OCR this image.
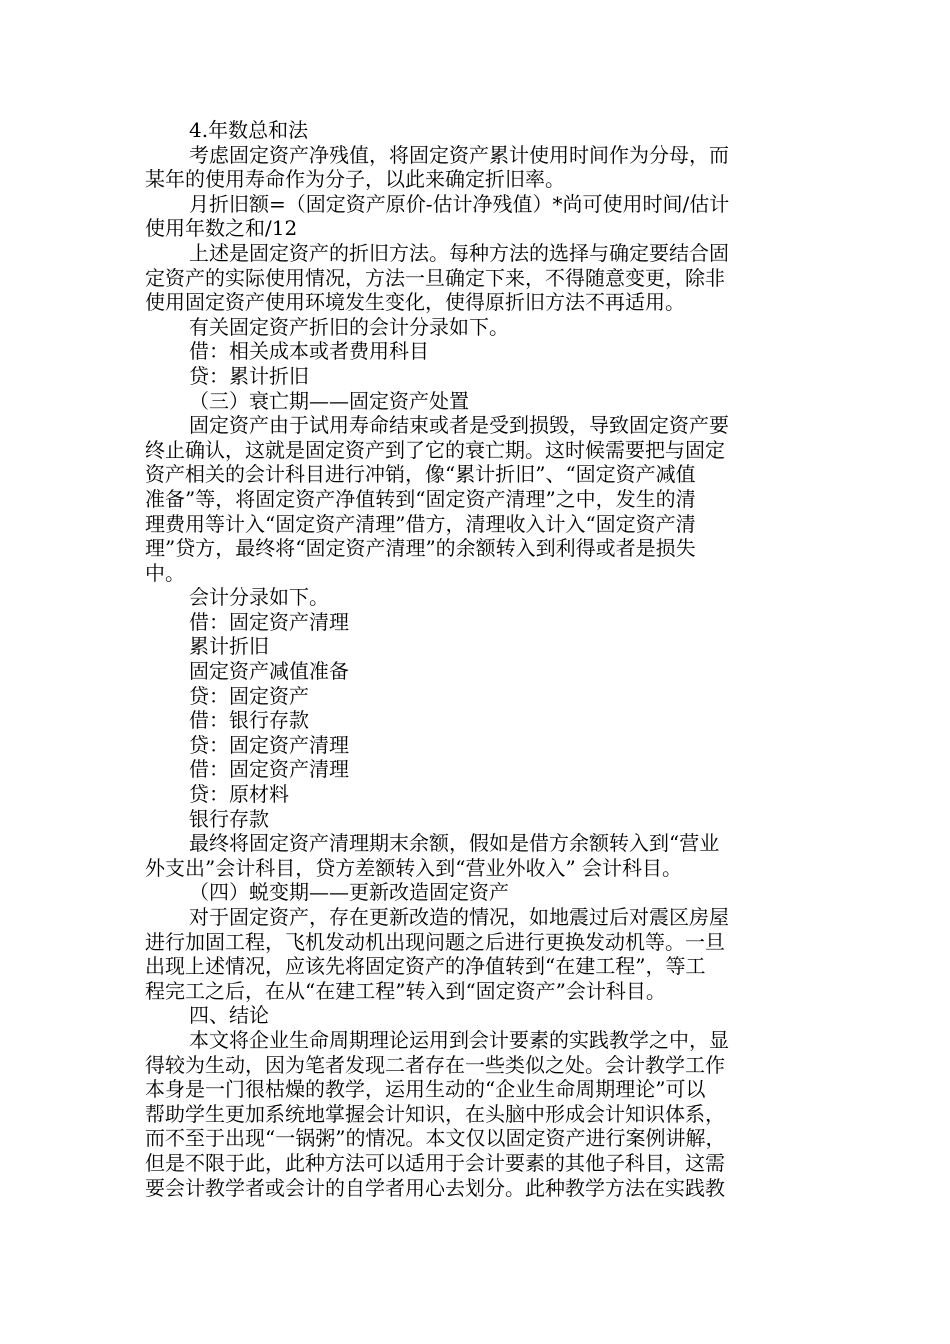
4.年数总和法
考虑固定资产净残值，将固定资产累计使用时间作为分母，而
某年的使用寿命作为分子，以此来确定折旧率。
月折旧额=（固定资产原价-估计净残值）*尚可使用时间/估计
使用年数之和/12
上述是固定资产的折旧方法。每种方法的选择与确定要结合固
定资产的实际使用情况，方法一旦确定下来，不得随意变更，除非
使用固定资产使用环境发生变化，使得原折旧方法不再适用。
有关固定资产折旧的会计分录如下。
借：相关成本或者费用科目
贷：累计折旧
（三）衰亡期——固定资产处置
固定资产由于试用寿命结束或者是受到损毁，导致固定资产要
终止确认，这就是固定资产到了它的衰亡期。这时候需要把与固定
资产相关的会计科目进行冲销，像“累计折旧”、“固定资产减值
准备”等，将固定资产净值转到“固定资产清理”之中，发生的清
理费用等计入“固定资产清理”借方，清理收入计入“固定资产清
理”贷方，最终将“固定资产清理”的余额转入到利得或者是损失
中。
会计分录如下。
借：固定资产清理
累计折旧
固定资产减值准备
贷：固定资产
借：银行存款
贷：固定资产清理
借：固定资产清理
贷：原材料
银行存款
最终将固定资产清理期末余额，假如是借方余额转入到“营业
外支出”会计科目，贷方差额转入到“营业外收入” 会计科目。
（四）蜕变期——更新改造固定资产
对于固定资产，存在更新改造的情况，如地震过后对震区房屋
进行加固工程，飞机发动机出现问题之后进行更换发动机等。一旦
出现上述情况，应该先将固定资产的净值转到“在建工程”，等工
程完工之后，在从“在建工程”转入到“固定资产”会计科目。
四、结论
本文将企业生命周期理论运用到会计要素的实践教学之中，显
得较为生动，因为笔者发现二者存在一些类似之处。会计教学工作
本身是一门很枯燥的教学，运用生动的“企业生命周期理论”可以
帮助学生更加系统地掌握会计知识，在头脑中形成会计知识体系，
而不至于出现“一锅粥”的情况。本文仅以固定资产进行案例讲解，
但是不限于此，此种方法可以适用于会计要素的其他子科目，这需
要会计教学者或会计的自学者用心去划分。此种教学方法在实践教
